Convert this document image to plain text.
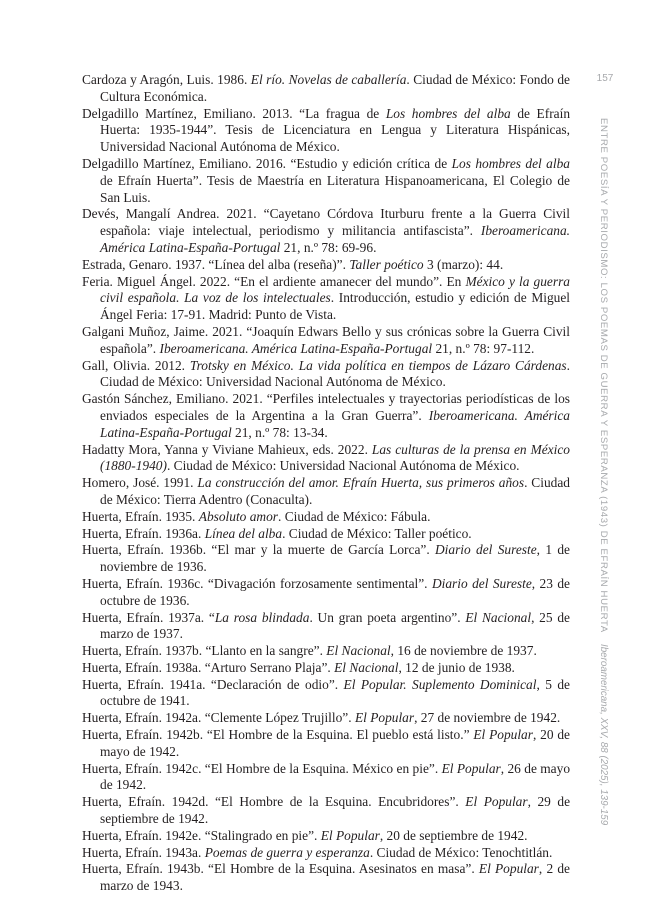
157
ENTRE POESÍA Y PERIODISMO: LOS POEMAS DE GUERRA Y ESPERANZA (1943) DE EFRAÍN HUERTA
Iberoamericana, XXV, 88 (2025), 139-159

Cardoza y Aragón, Luis. 1986. El río. Novelas de caballería. Ciudad de México: Fondo de Cultura Económica.

Delgadillo Martínez, Emiliano. 2013. “La fragua de Los hombres del alba de Efraín Huerta: 1935-1944”. Tesis de Licenciatura en Lengua y Literatura Hispánicas, Universidad Nacional Autónoma de México.

Delgadillo Martínez, Emiliano. 2016. “Estudio y edición crítica de Los hombres del alba de Efraín Huerta”. Tesis de Maestría en Literatura Hispanoamericana, El Colegio de San Luis.

Devés, Mangalí Andrea. 2021. “Cayetano Córdova Iturburu frente a la Guerra Civil española: viaje intelectual, periodismo y militancia antifascista”. Iberoamericana. América Latina-España-Portugal 21, n.º 78: 69-96.

Estrada, Genaro. 1937. “Línea del alba (reseña)”. Taller poético 3 (marzo): 44.

Feria. Miguel Ángel. 2022. “En el ardiente amanecer del mundo”. En México y la guerra civil española. La voz de los intelectuales. Introducción, estudio y edición de Miguel Ángel Feria: 17-91. Madrid: Punto de Vista.

Galgani Muñoz, Jaime. 2021. “Joaquín Edwars Bello y sus crónicas sobre la Guerra Civil española”. Iberoamericana. América Latina-España-Portugal 21, n.º 78: 97-112.

Gall, Olivia. 2012. Trotsky en México. La vida política en tiempos de Lázaro Cárdenas. Ciudad de México: Universidad Nacional Autónoma de México.

Gastón Sánchez, Emiliano. 2021. “Perfiles intelectuales y trayectorias periodísticas de los enviados especiales de la Argentina a la Gran Guerra”. Iberoamericana. América Latina-España-Portugal 21, n.º 78: 13-34.

Hadatty Mora, Yanna y Viviane Mahieux, eds. 2022. Las culturas de la prensa en México (1880-1940). Ciudad de México: Universidad Nacional Autónoma de México.

Homero, José. 1991. La construcción del amor. Efraín Huerta, sus primeros años. Ciudad de México: Tierra Adentro (Conaculta).

Huerta, Efraín. 1935. Absoluto amor. Ciudad de México: Fábula.

Huerta, Efraín. 1936a. Línea del alba. Ciudad de México: Taller poético.

Huerta, Efraín. 1936b. “El mar y la muerte de García Lorca”. Diario del Sureste, 1 de noviembre de 1936.

Huerta, Efraín. 1936c. “Divagación forzosamente sentimental”. Diario del Sureste, 23 de octubre de 1936.

Huerta, Efraín. 1937a. “La rosa blindada. Un gran poeta argentino”. El Nacional, 25 de marzo de 1937.

Huerta, Efraín. 1937b. “Llanto en la sangre”. El Nacional, 16 de noviembre de 1937.

Huerta, Efraín. 1938a. “Arturo Serrano Plaja”. El Nacional, 12 de junio de 1938.

Huerta, Efraín. 1941a. “Declaración de odio”. El Popular. Suplemento Dominical, 5 de octubre de 1941.

Huerta, Efraín. 1942a. “Clemente López Trujillo”. El Popular, 27 de noviembre de 1942.

Huerta, Efraín. 1942b. “El Hombre de la Esquina. El pueblo está listo.” El Popular, 20 de mayo de 1942.

Huerta, Efraín. 1942c. “El Hombre de la Esquina. México en pie”. El Popular, 26 de mayo de 1942.

Huerta, Efraín. 1942d. “El Hombre de la Esquina. Encubridores”. El Popular, 29 de septiembre de 1942.

Huerta, Efraín. 1942e. “Stalingrado en pie”. El Popular, 20 de septiembre de 1942.

Huerta, Efraín. 1943a. Poemas de guerra y esperanza. Ciudad de México: Tenochtitlán.

Huerta, Efraín. 1943b. “El Hombre de la Esquina. Asesinatos en masa”. El Popular, 2 de marzo de 1943.
